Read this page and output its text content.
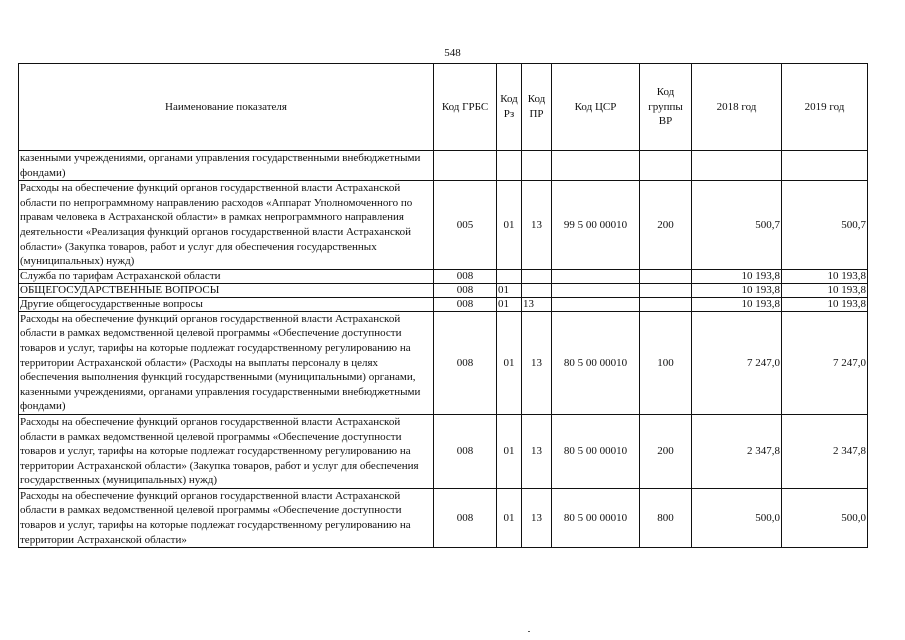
548
Наименование показателя	Код ГРБС	Код Рз	Код ПР	Код ЦСР	Код группы ВР	2018 год	2019 год
казенными учреждениями, органами управления государственными внебюджетными фондами)							
Расходы на обеспечение функций органов государственной власти Астраханской области по непрограммному направлению расходов «Аппарат Уполномоченного по правам человека в Астраханской области» в рамках непрограммного направления деятельности «Реализация функций органов государственной власти Астраханской области» (Закупка товаров, работ и услуг для обеспечения государственных (муниципальных) нужд)	005	01	13	99 5 00 00010	200	500,7	500,7
Служба по тарифам Астраханской области	008					10 193,8	10 193,8
ОБЩЕГОСУДАРСТВЕННЫЕ ВОПРОСЫ	008	01				10 193,8	10 193,8
Другие общегосударственные вопросы	008	01	13			10 193,8	10 193,8
Расходы на обеспечение функций органов государственной власти Астраханской области в рамках ведомственной целевой программы «Обеспечение доступности товаров и услуг, тарифы на которые подлежат государственному регулированию на территории Астраханской области» (Расходы на выплаты персоналу в целях обеспечения выполнения функций государственными (муниципальными) органами, казенными учреждениями, органами управления государственными внебюджетными фондами)	008	01	13	80 5 00 00010	100	7 247,0	7 247,0
Расходы на обеспечение функций органов государственной власти Астраханской области в рамках ведомственной целевой программы «Обеспечение доступности товаров и услуг, тарифы на которые подлежат государственному регулированию на территории Астраханской области» (Закупка товаров, работ и услуг для обеспечения государственных (муниципальных) нужд)	008	01	13	80 5 00 00010	200	2 347,8	2 347,8
Расходы на обеспечение функций органов государственной власти Астраханской области в рамках ведомственной целевой программы «Обеспечение доступности товаров и услуг, тарифы на которые подлежат государственному регулированию на территории Астраханской области»	008	01	13	80 5 00 00010	800	500,0	500,0
